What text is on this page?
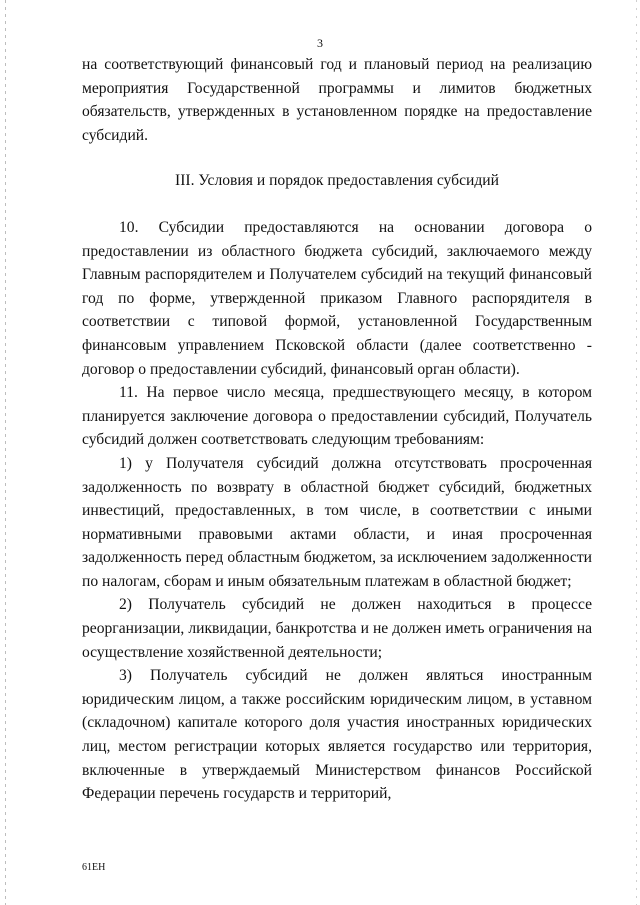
3

на соответствующий финансовый год и плановый период на реализацию мероприятия Государственной программы и лимитов бюджетных обязательств, утвержденных в установленном порядке на предоставление субсидий.

III. Условия и порядок предоставления субсидий

10. Субсидии предоставляются на основании договора о предоставлении из областного бюджета субсидий, заключаемого между Главным распорядителем и Получателем субсидий на текущий финансовый год по форме, утвержденной приказом Главного распорядителя в соответствии с типовой формой, установленной Государственным финансовым управлением Псковской области (далее соответственно - договор о предоставлении субсидий, финансовый орган области).

11. На первое число месяца, предшествующего месяцу, в котором планируется заключение договора о предоставлении субсидий, Получатель субсидий должен соответствовать следующим требованиям:

1) у Получателя субсидий должна отсутствовать просроченная задолженность по возврату в областной бюджет субсидий, бюджетных инвестиций, предоставленных, в том числе, в соответствии с иными нормативными правовыми актами области, и иная просроченная задолженность перед областным бюджетом, за исключением задолженности по налогам, сборам и иным обязательным платежам в областной бюджет;

2) Получатель субсидий не должен находиться в процессе реорганизации, ликвидации, банкротства и не должен иметь ограничения на осуществление хозяйственной деятельности;

3) Получатель субсидий не должен являться иностранным юридическим лицом, а также российским юридическим лицом, в уставном (складочном) капитале которого доля участия иностранных юридических лиц, местом регистрации которых является государство или территория, включенные в утверждаемый Министерством финансов Российской Федерации перечень государств и территорий,

61ЕН
